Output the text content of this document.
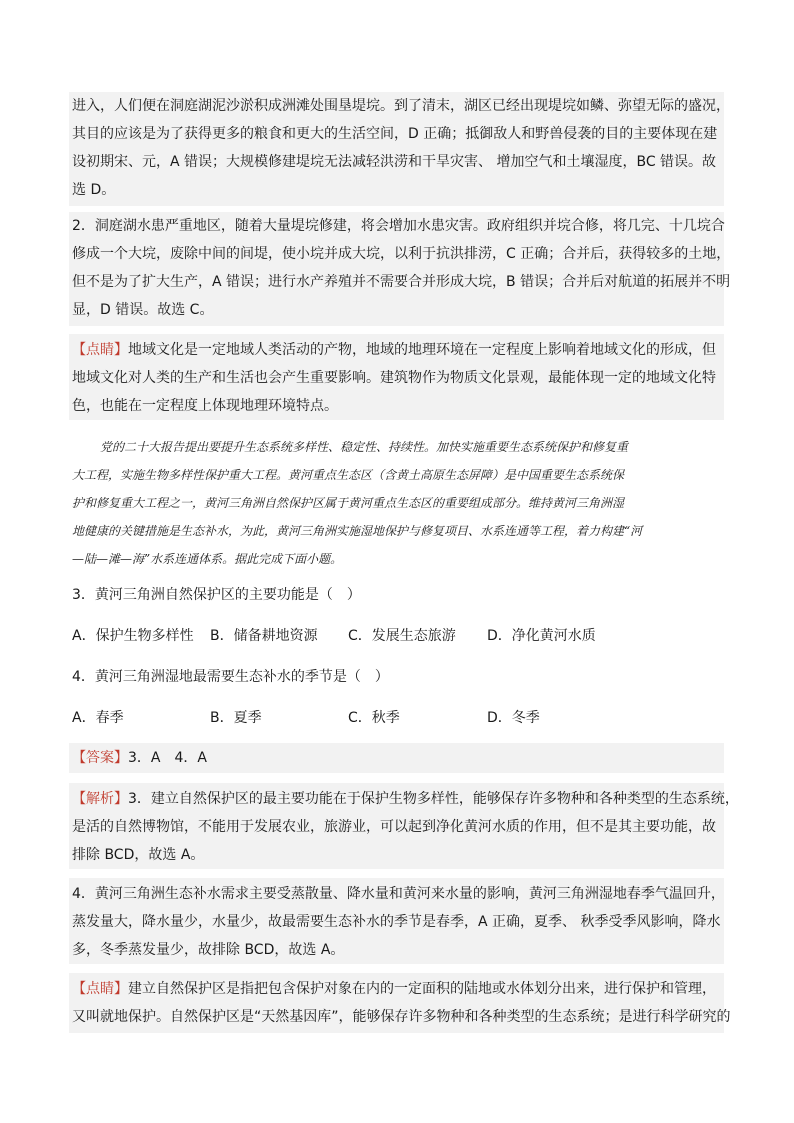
进入，人们便在洞庭湖泥沙淤积成洲滩处围垦堤垸。到了清末，湖区已经出现堤垸如鳞、弥望无际的盛况，
其目的应该是为了获得更多的粮食和更大的生活空间，D 正确；抵御敌人和野兽侵袭的目的主要体现在建
设初期宋、元，A 错误；大规模修建堤垸无法减轻洪涝和干旱灾害、 增加空气和土壤湿度，BC 错误。故
选 D。
2．洞庭湖水患严重地区，随着大量堤垸修建，将会增加水患灾害。政府组织并垸合修，将几完、十几垸合
修成一个大垸，废除中间的间堤，使小垸并成大垸，以利于抗洪排涝，C 正确；合并后，获得较多的土地，
但不是为了扩大生产，A 错误；进行水产养殖并不需要合并形成大垸，B 错误；合并后对航道的拓展并不明
显，D 错误。故选 C。
【点睛】地域文化是一定地域人类活动的产物，地域的地理环境在一定程度上影响着地域文化的形成，但
地域文化对人类的生产和生活也会产生重要影响。建筑物作为物质文化景观，最能体现一定的地域文化特
色，也能在一定程度上体现地理环境特点。
党的二十大报告提出要提升生态系统多样性、稳定性、持续性。加快实施重要生态系统保护和修复重
大工程，实施生物多样性保护重大工程。黄河重点生态区（含黄土高原生态屏障）是中国重要生态系统保
护和修复重大工程之一，黄河三角洲自然保护区属于黄河重点生态区的重要组成部分。维持黄河三角洲湿
地健康的关键措施是生态补水，为此，黄河三角洲实施湿地保护与修复项目、水系连通等工程，着力构建“河
—陆—滩—海”水系连通体系。据此完成下面小题。
3．黄河三角洲自然保护区的主要功能是（　）
A．保护生物多样性 B．储备耕地资源 C．发展生态旅游 D．净化黄河水质
4．黄河三角洲湿地最需要生态补水的季节是（　）
A．春季	B．夏季	C．秋季	D．冬季
【答案】3．A　4．A
【解析】3．建立自然保护区的最主要功能在于保护生物多样性，能够保存许多物种和各种类型的生态系统，
是活的自然博物馆，不能用于发展农业，旅游业，可以起到净化黄河水质的作用，但不是其主要功能，故
排除 BCD，故选 A。
4．黄河三角洲生态补水需求主要受蒸散量、降水量和黄河来水量的影响，黄河三角洲湿地春季气温回升，
蒸发量大，降水量少，水量少，故最需要生态补水的季节是春季，A 正确，夏季、 秋季受季风影响，降水
多，冬季蒸发量少，故排除 BCD，故选 A。
【点睛】建立自然保护区是指把包含保护对象在内的一定面积的陆地或水体划分出来，进行保护和管理，
又叫就地保护。自然保护区是“天然基因库”，能够保存许多物种和各种类型的生态系统；是进行科学研究的
